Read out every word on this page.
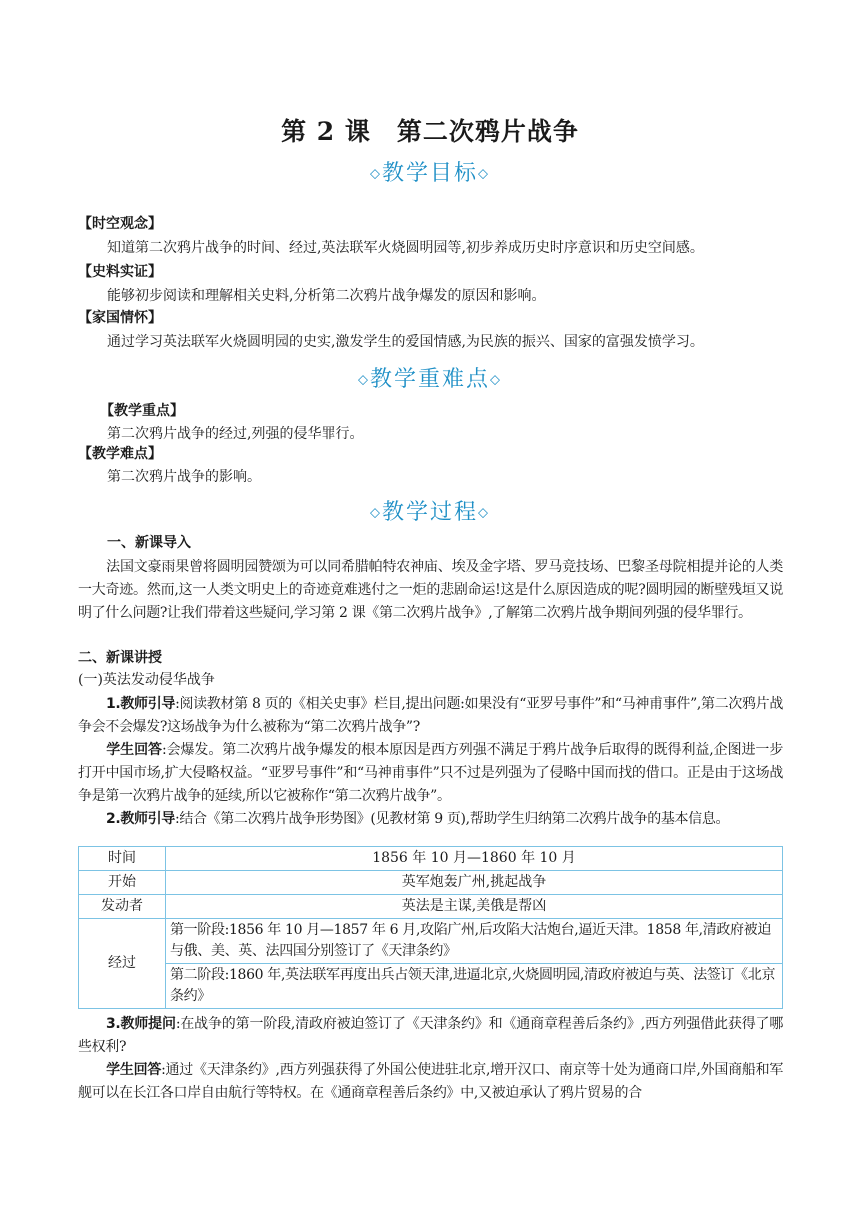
第 2 课　第二次鸦片战争
◇教学目标◇
【时空观念】
知道第二次鸦片战争的时间、经过,英法联军火烧圆明园等,初步养成历史时序意识和历史空间感。
【史料实证】
能够初步阅读和理解相关史料,分析第二次鸦片战争爆发的原因和影响。
【家国情怀】
通过学习英法联军火烧圆明园的史实,激发学生的爱国情感,为民族的振兴、国家的富强发愤学习。
◇教学重难点◇
【教学重点】
第二次鸦片战争的经过,列强的侵华罪行。
【教学难点】
第二次鸦片战争的影响。
◇教学过程◇
一、新课导入
法国文豪雨果曾将圆明园赞颂为可以同希腊帕特农神庙、埃及金字塔、罗马竞技场、巴黎圣母院相提并论的人类一大奇迹。然而,这一人类文明史上的奇迹竟难逃付之一炬的悲剧命运!这是什么原因造成的呢?圆明园的断壁残垣又说明了什么问题?让我们带着这些疑问,学习第 2 课《第二次鸦片战争》,了解第二次鸦片战争期间列强的侵华罪行。
二、新课讲授
(一)英法发动侵华战争
1.教师引导:阅读教材第 8 页的《相关史事》栏目,提出问题:如果没有“亚罗号事件”和“马神甫事件”,第二次鸦片战争会不会爆发?这场战争为什么被称为“第二次鸦片战争”?
学生回答:会爆发。第二次鸦片战争爆发的根本原因是西方列强不满足于鸦片战争后取得的既得利益,企图进一步打开中国市场,扩大侵略权益。“亚罗号事件”和“马神甫事件”只不过是列强为了侵略中国而找的借口。正是由于这场战争是第一次鸦片战争的延续,所以它被称作“第二次鸦片战争”。
2.教师引导:结合《第二次鸦片战争形势图》(见教材第 9 页),帮助学生归纳第二次鸦片战争的基本信息。
时间	1856 年 10 月—1860 年 10 月
开始	英军炮轰广州,挑起战争
发动者	英法是主谋,美俄是帮凶
经过	第一阶段:1856 年 10 月—1857 年 6 月,攻陷广州,后攻陷大沽炮台,逼近天津。1858 年,清政府被迫与俄、美、英、法四国分别签订了《天津条约》
	第二阶段:1860 年,英法联军再度出兵占领天津,进逼北京,火烧圆明园,清政府被迫与英、法签订《北京条约》
3.教师提问:在战争的第一阶段,清政府被迫签订了《天津条约》和《通商章程善后条约》,西方列强借此获得了哪些权利?
学生回答:通过《天津条约》,西方列强获得了外国公使进驻北京,增开汉口、南京等十处为通商口岸,外国商船和军舰可以在长江各口岸自由航行等特权。在《通商章程善后条约》中,又被迫承认了鸦片贸易的合
